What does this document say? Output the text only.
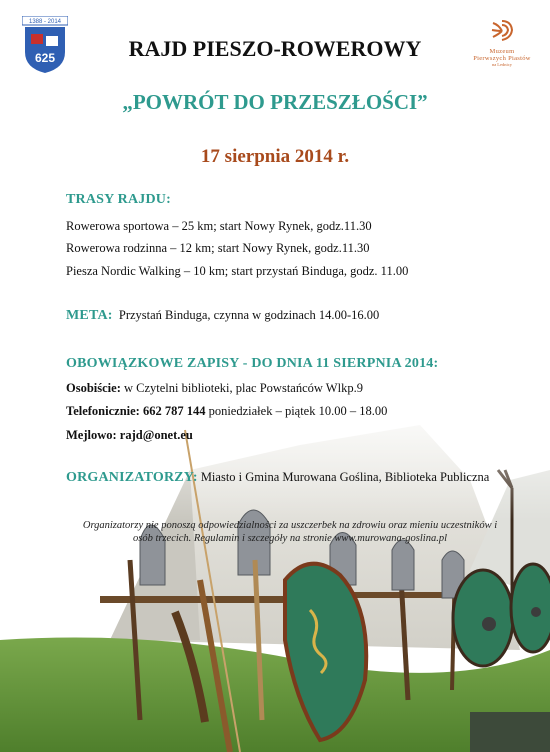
1388 - 2014
625	Muzeum
Pierwszych Piastów
na Lednicy
RAJD PIESZO-ROWEROWY
„POWRÓT DO PRZESZŁOŚCI”
17 sierpnia 2014 r.
TRASY RAJDU:
Rowerowa sportowa – 25 km; start Nowy Rynek, godz.11.30
Rowerowa rodzinna – 12 km; start Nowy Rynek, godz.11.30
Piesza Nordic Walking – 10 km; start przystań Binduga, godz. 11.00
META: Przystań Binduga, czynna w godzinach 14.00-16.00
OBOWIĄZKOWE ZAPISY - DO DNIA 11 SIERPNIA 2014:
Osobiście: w Czytelni biblioteki, plac Powstańców Wlkp.9
Telefonicznie: 662 787 144 poniedziałek – piątek 10.00 – 18.00
Mejlowo: rajd@onet.eu
ORGANIZATORZY: Miasto i Gmina Murowana Goślina, Biblioteka Publiczna
Organizatorzy nie ponoszą odpowiedzialności za uszczerbek na zdrowiu oraz mieniu uczestników i osób trzecich. Regulamin i szczegóły na stronie www.murowana-goslina.pl
